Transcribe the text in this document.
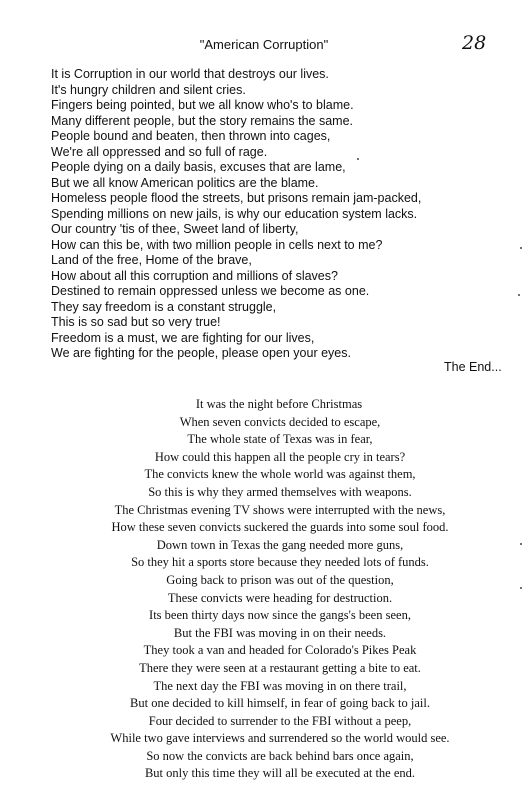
"American Corruption"	28
It is Corruption in our world that destroys our lives.
It's hungry children and silent cries.
Fingers being pointed, but we all know who's to blame.
Many different people, but the story remains the same.
People bound and beaten, then thrown into cages,
We're all oppressed and so full of rage.
People dying on a daily basis, excuses that are lame,
But we all know American politics are the blame.
Homeless people flood the streets, but prisons remain jam-packed,
Spending millions on new jails, is why our education system lacks.
Our country 'tis of thee, Sweet land of liberty,
How can this be, with two million people in cells next to me?
Land of the free, Home of the brave,
How about all this corruption and millions of slaves?
Destined to remain oppressed unless we become as one.
They say freedom is a constant struggle,
This is so sad but so very true!
Freedom is a must, we are fighting for our lives,
We are fighting for the people, please open your eyes.
The End...
It was the night before Christmas
When seven convicts decided to escape,
The whole state of Texas was in fear,
How could this happen all the people cry in tears?
The convicts knew the whole world was against them,
So this is why they armed themselves with weapons.
The Christmas evening TV shows were interrupted with the news,
How these seven convicts suckered the guards into some soul food.
Down town in Texas the gang needed more guns,
So they hit a sports store because they needed lots of funds.
Going back to prison was out of the question,
These convicts were heading for destruction.
Its been thirty days now since the gangs's been seen,
But the FBI was moving in on their needs.
They took a van and headed for Colorado's Pikes Peak
There they were seen at a restaurant getting a bite to eat.
The next day the FBI was moving in on there trail,
But one decided to kill himself, in fear of going back to jail.
Four decided to surrender to the FBI without a peep,
While two gave interviews and surrendered so the world would see.
So now the convicts are back behind bars once again,
But only this time they will all be executed at the end.
